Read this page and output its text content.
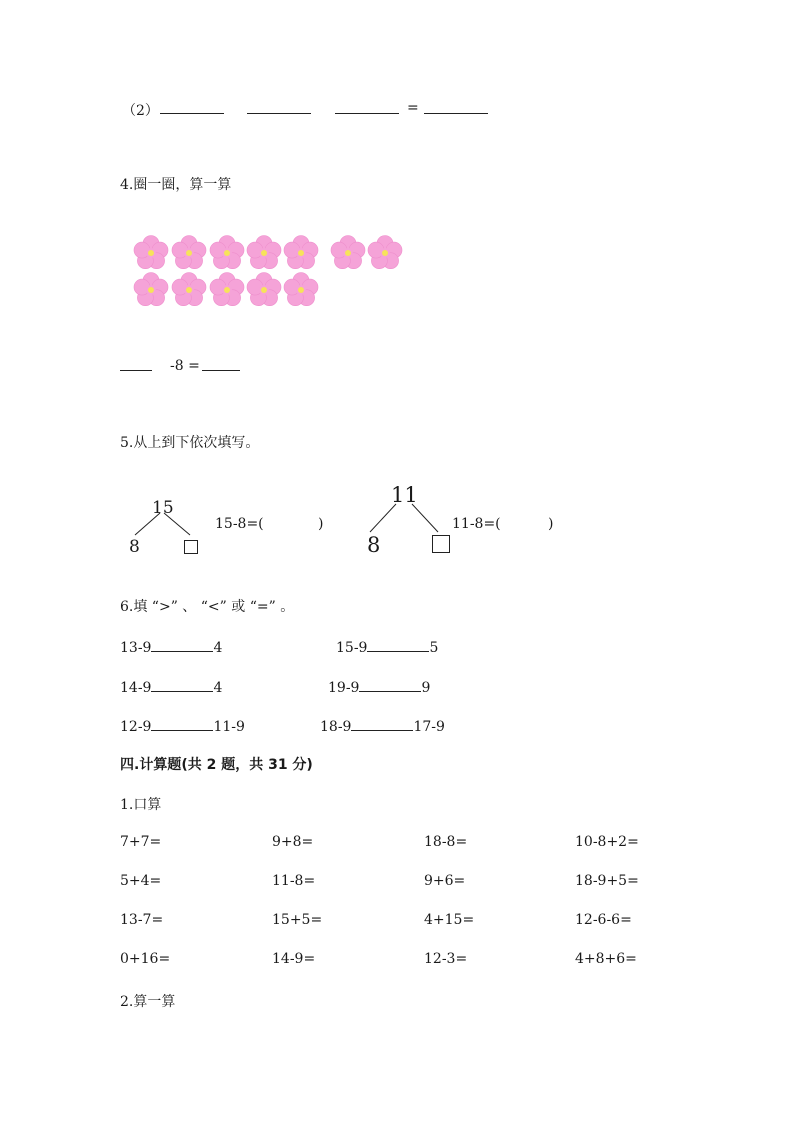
（2）	=
4.圈一圈，算一算
-8 =
5.从上到下依次填写。
15
8
15-8=(	)
11
8
11-8=(	)
6.填 “>” 、 “<” 或 “=” 。
13-9	4	15-9	5
14-9	4	19-9	9
12-9	11-9	18-9	17-9
四.计算题(共 2 题，共 31 分)
1.口算
7+7=	9+8=	18-8=	10-8+2=
5+4=	11-8=	9+6=	18-9+5=
13-7=	15+5=	4+15=	12-6-6=
0+16=	14-9=	12-3=	4+8+6=
2.算一算
